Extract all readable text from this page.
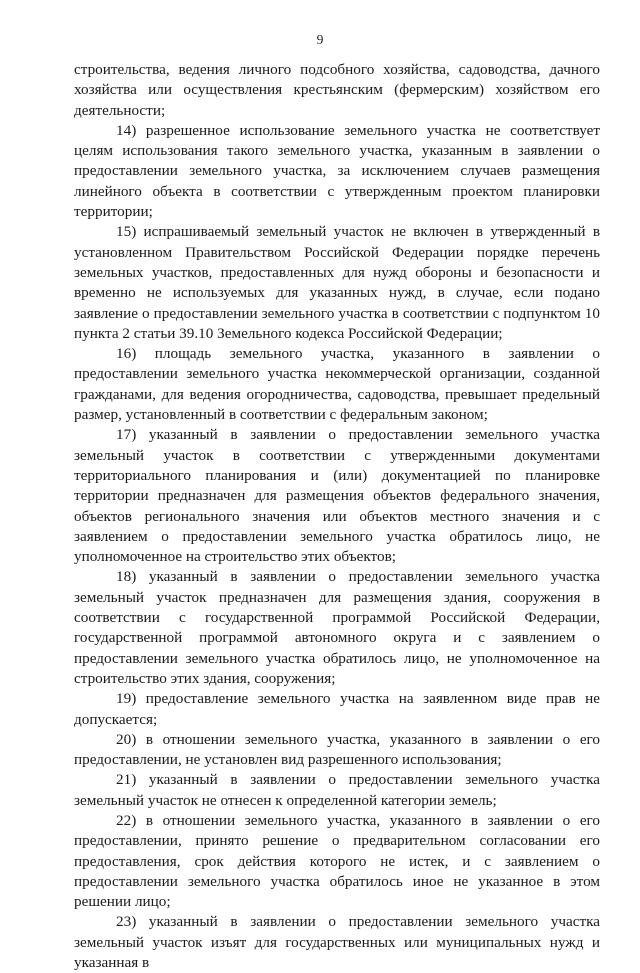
9

строительства, ведения личного подсобного хозяйства, садоводства, дачного хозяйства или осуществления крестьянским (фермерским) хозяйством его деятельности;

14) разрешенное использование земельного участка не соответствует целям использования такого земельного участка, указанным в заявлении о предоставлении земельного участка, за исключением случаев размещения линейного объекта в соответствии с утвержденным проектом планировки территории;

15) испрашиваемый земельный участок не включен в утвержденный в установленном Правительством Российской Федерации порядке перечень земельных участков, предоставленных для нужд обороны и безопасности и временно не используемых для указанных нужд, в случае, если подано заявление о предоставлении земельного участка в соответствии с подпунктом 10 пункта 2 статьи 39.10 Земельного кодекса Российской Федерации;

16) площадь земельного участка, указанного в заявлении о предоставлении земельного участка некоммерческой организации, созданной гражданами, для ведения огородничества, садоводства, превышает предельный размер, установленный в соответствии с федеральным законом;

17) указанный в заявлении о предоставлении земельного участка земельный участок в соответствии с утвержденными документами территориального планирования и (или) документацией по планировке территории предназначен для размещения объектов федерального значения, объектов регионального значения или объектов местного значения и с заявлением о предоставлении земельного участка обратилось лицо, не уполномоченное на строительство этих объектов;

18) указанный в заявлении о предоставлении земельного участка земельный участок предназначен для размещения здания, сооружения в соответствии с государственной программой Российской Федерации, государственной программой автономного округа и с заявлением о предоставлении земельного участка обратилось лицо, не уполномоченное на строительство этих здания, сооружения;

19) предоставление земельного участка на заявленном виде прав не допускается;

20) в отношении земельного участка, указанного в заявлении о его предоставлении, не установлен вид разрешенного использования;

21) указанный в заявлении о предоставлении земельного участка земельный участок не отнесен к определенной категории земель;

22) в отношении земельного участка, указанного в заявлении о его предоставлении, принято решение о предварительном согласовании его предоставления, срок действия которого не истек, и с заявлением о предоставлении земельного участка обратилось иное не указанное в этом решении лицо;

23) указанный в заявлении о предоставлении земельного участка земельный участок изъят для государственных или муниципальных нужд и указанная в
